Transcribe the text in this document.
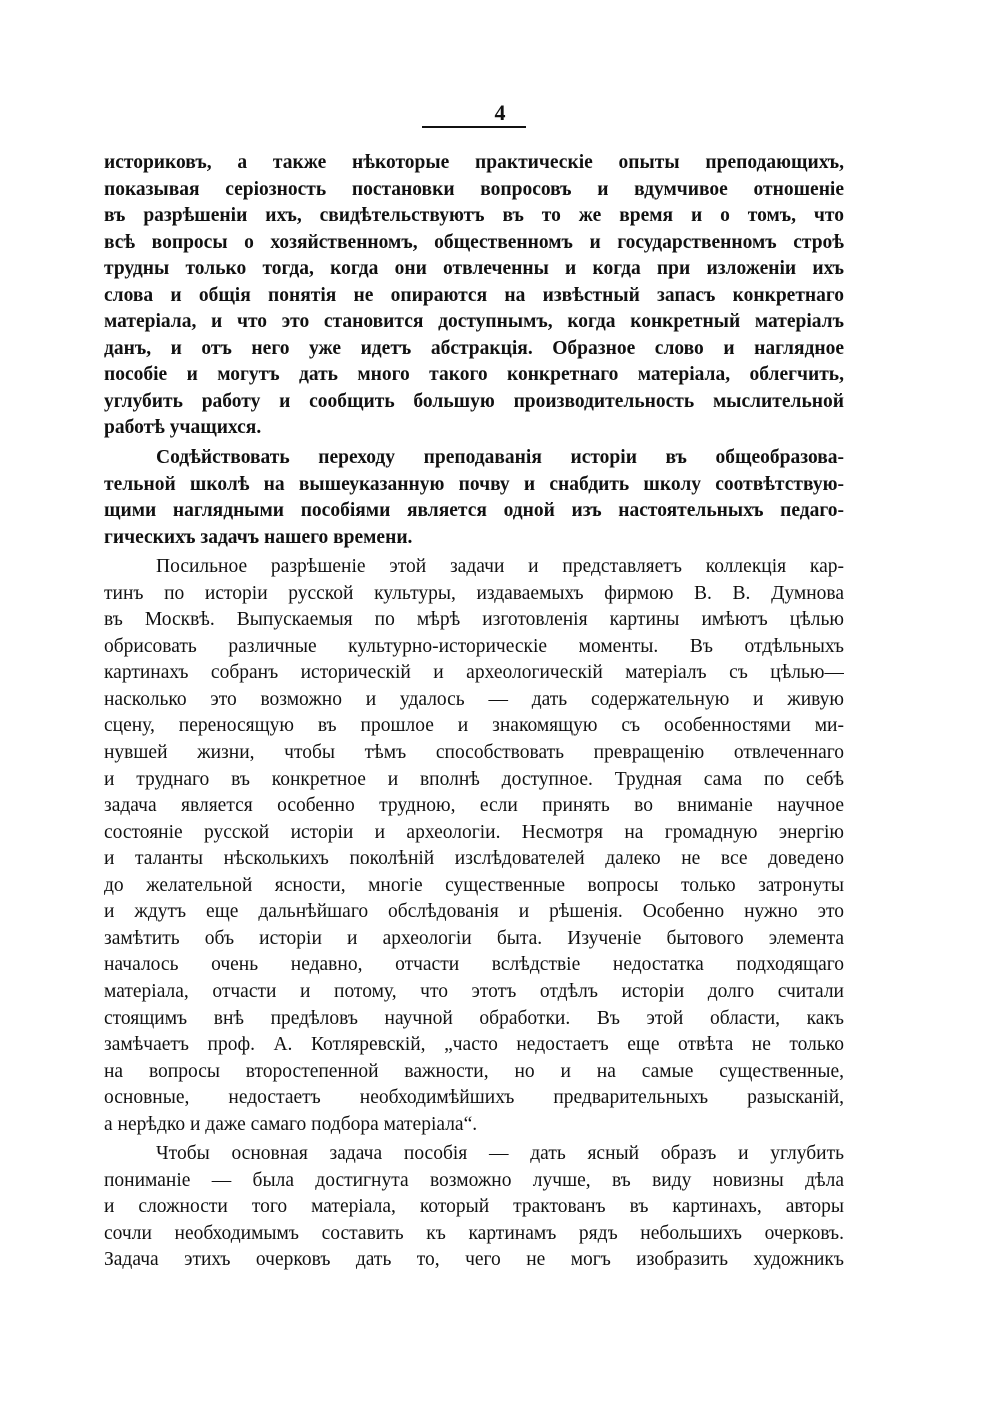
4
историковъ, а также нѣкоторые практическіе опыты преподающихъ,
показывая серіозность постановки вопросовъ и вдумчивое отношеніе
въ разрѣшеніи ихъ, свидѣтельствуютъ въ то же время и о томъ, что
всѣ вопросы о хозяйственномъ, общественномъ и государственномъ строѣ
трудны только тогда, когда они отвлеченны и когда при изложеніи ихъ
слова и общія понятія не опираются на извѣстный запасъ конкретнаго
матеріала, и что это становится доступнымъ, когда конкретный матеріалъ
данъ, и отъ него уже идетъ абстракція. Образное слово и наглядное
пособіе и могутъ дать много такого конкретнаго матеріала, облегчить,
углубить работу и сообщить большую производительность мыслительной
работѣ учащихся.
Содѣйствовать переходу преподаванія исторіи въ общеобразова-
тельной школѣ на вышеуказанную почву и снабдить школу соотвѣтствую-
щими наглядными пособіями является одной изъ настоятельныхъ педаго-
гическихъ задачъ нашего времени.
Посильное разрѣшеніе этой задачи и представляетъ коллекція кар-
тинъ по исторіи русской культуры, издаваемыхъ фирмою В. В. Думнова
въ Москвѣ. Выпускаемыя по мѣрѣ изготовленія картины имѣютъ цѣлью
обрисовать различные культурно-историческіе моменты. Въ отдѣльныхъ
картинахъ собранъ историческій и археологическій матеріалъ съ цѣлью—
насколько это возможно и удалось — дать содержательную и живую
сцену, переносящую въ прошлое и знакомящую съ особенностями ми-
нувшей жизни, чтобы тѣмъ способствовать превращенію отвлеченнаго
и труднаго въ конкретное и вполнѣ доступное. Трудная сама по себѣ
задача является особенно трудною, если принять во вниманіе научное
состояніе русской исторіи и археологіи. Несмотря на громадную энергію
и таланты нѣсколькихъ поколѣній изслѣдователей далеко не все доведено
до желательной ясности, многіе существенные вопросы только затронуты
и ждутъ еще дальнѣйшаго обслѣдованія и рѣшенія. Особенно нужно это
замѣтить объ исторіи и археологіи быта. Изученіе бытового элемента
началось очень недавно, отчасти вслѣдствіе недостатка подходящаго
матеріала, отчасти и потому, что этотъ отдѣлъ исторіи долго считали
стоящимъ внѣ предѣловъ научной обработки. Въ этой области, какъ
замѣчаетъ проф. А. Котляревскій, „часто недостаетъ еще отвѣта не только
на вопросы второстепенной важности, но и на самые существенные,
основные, недостаетъ необходимѣйшихъ предварительныхъ разысканій,
а нерѣдко и даже самаго подбора матеріала“.
Чтобы основная задача пособія — дать ясный образъ и углубить
пониманіе — была достигнута возможно лучше, въ виду новизны дѣла
и сложности того матеріала, который трактованъ въ картинахъ, авторы
сочли необходимымъ составить къ картинамъ рядъ небольшихъ очерковъ.
Задача этихъ очерковъ дать то, чего не могъ изобразить художникъ
